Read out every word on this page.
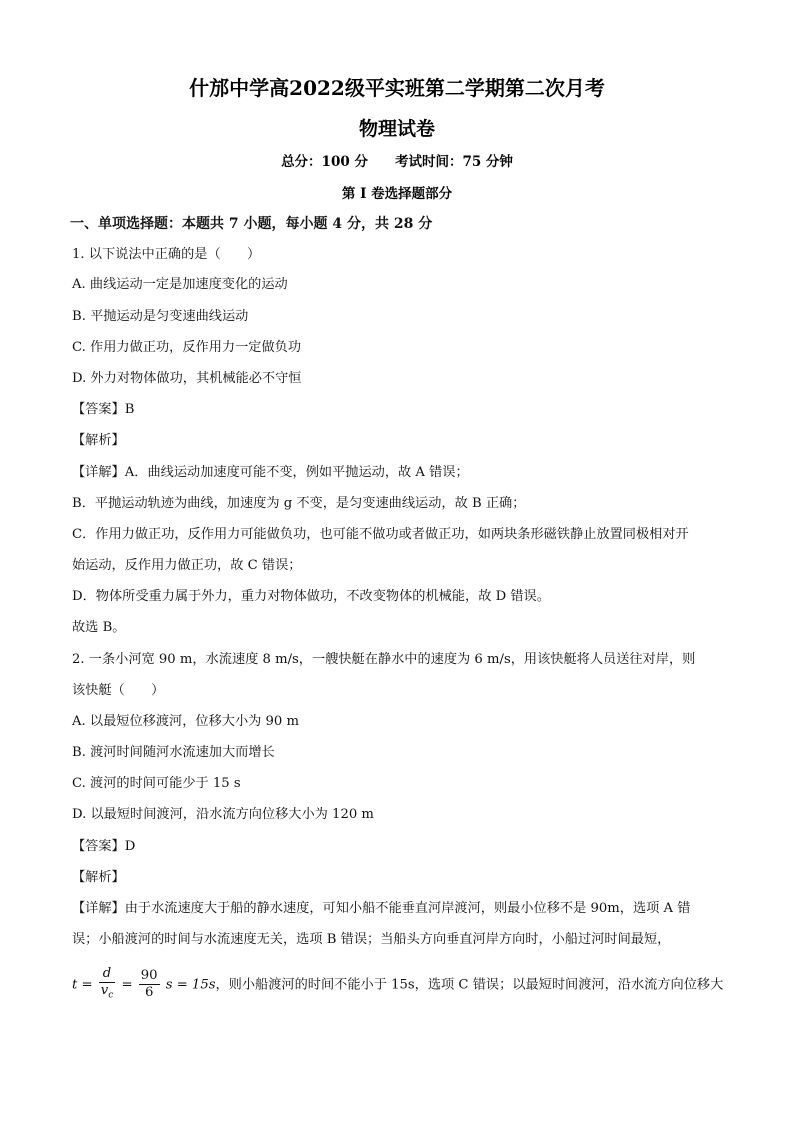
什邡中学高2022级平实班第二学期第二次月考
物理试卷
总分：100 分　　考试时间：75 分钟
第 I 卷选择题部分
一、单项选择题：本题共 7 小题，每小题 4 分，共 28 分
1. 以下说法中正确的是（　　）
A. 曲线运动一定是加速度变化的运动
B. 平抛运动是匀变速曲线运动
C. 作用力做正功，反作用力一定做负功
D. 外力对物体做功，其机械能必不守恒
【答案】B
【解析】
【详解】A．曲线运动加速度可能不变，例如平抛运动，故 A 错误；
B．平抛运动轨迹为曲线，加速度为 g 不变，是匀变速曲线运动，故 B 正确；
C．作用力做正功，反作用力可能做负功，也可能不做功或者做正功，如两块条形磁铁静止放置同极相对开
始运动，反作用力做正功，故 C 错误；
D．物体所受重力属于外力，重力对物体做功，不改变物体的机械能，故 D 错误。
故选 B。
2. 一条小河宽 90 m，水流速度 8 m/s，一艘快艇在静水中的速度为 6 m/s，用该快艇将人员送往对岸，则
该快艇（　　）
A. 以最短位移渡河，位移大小为 90 m
B. 渡河时间随河水流速加大而增长
C. 渡河的时间可能少于 15 s
D. 以最短时间渡河，沿水流方向位移大小为 120 m
【答案】D
【解析】
【详解】由于水流速度大于船的静水速度，可知小船不能垂直河岸渡河，则最小位移不是 90m，选项 A 错
误；小船渡河的时间与水流速度无关，选项 B 错误；当船头方向垂直河岸方向时，小船过河时间最短，
$t = \frac{d}{v_c} = \frac{90}{6}$ s = 15s，则小船渡河的时间不能小于 15s，选项 C 错误；以最短时间渡河，沿水流方向位移大
